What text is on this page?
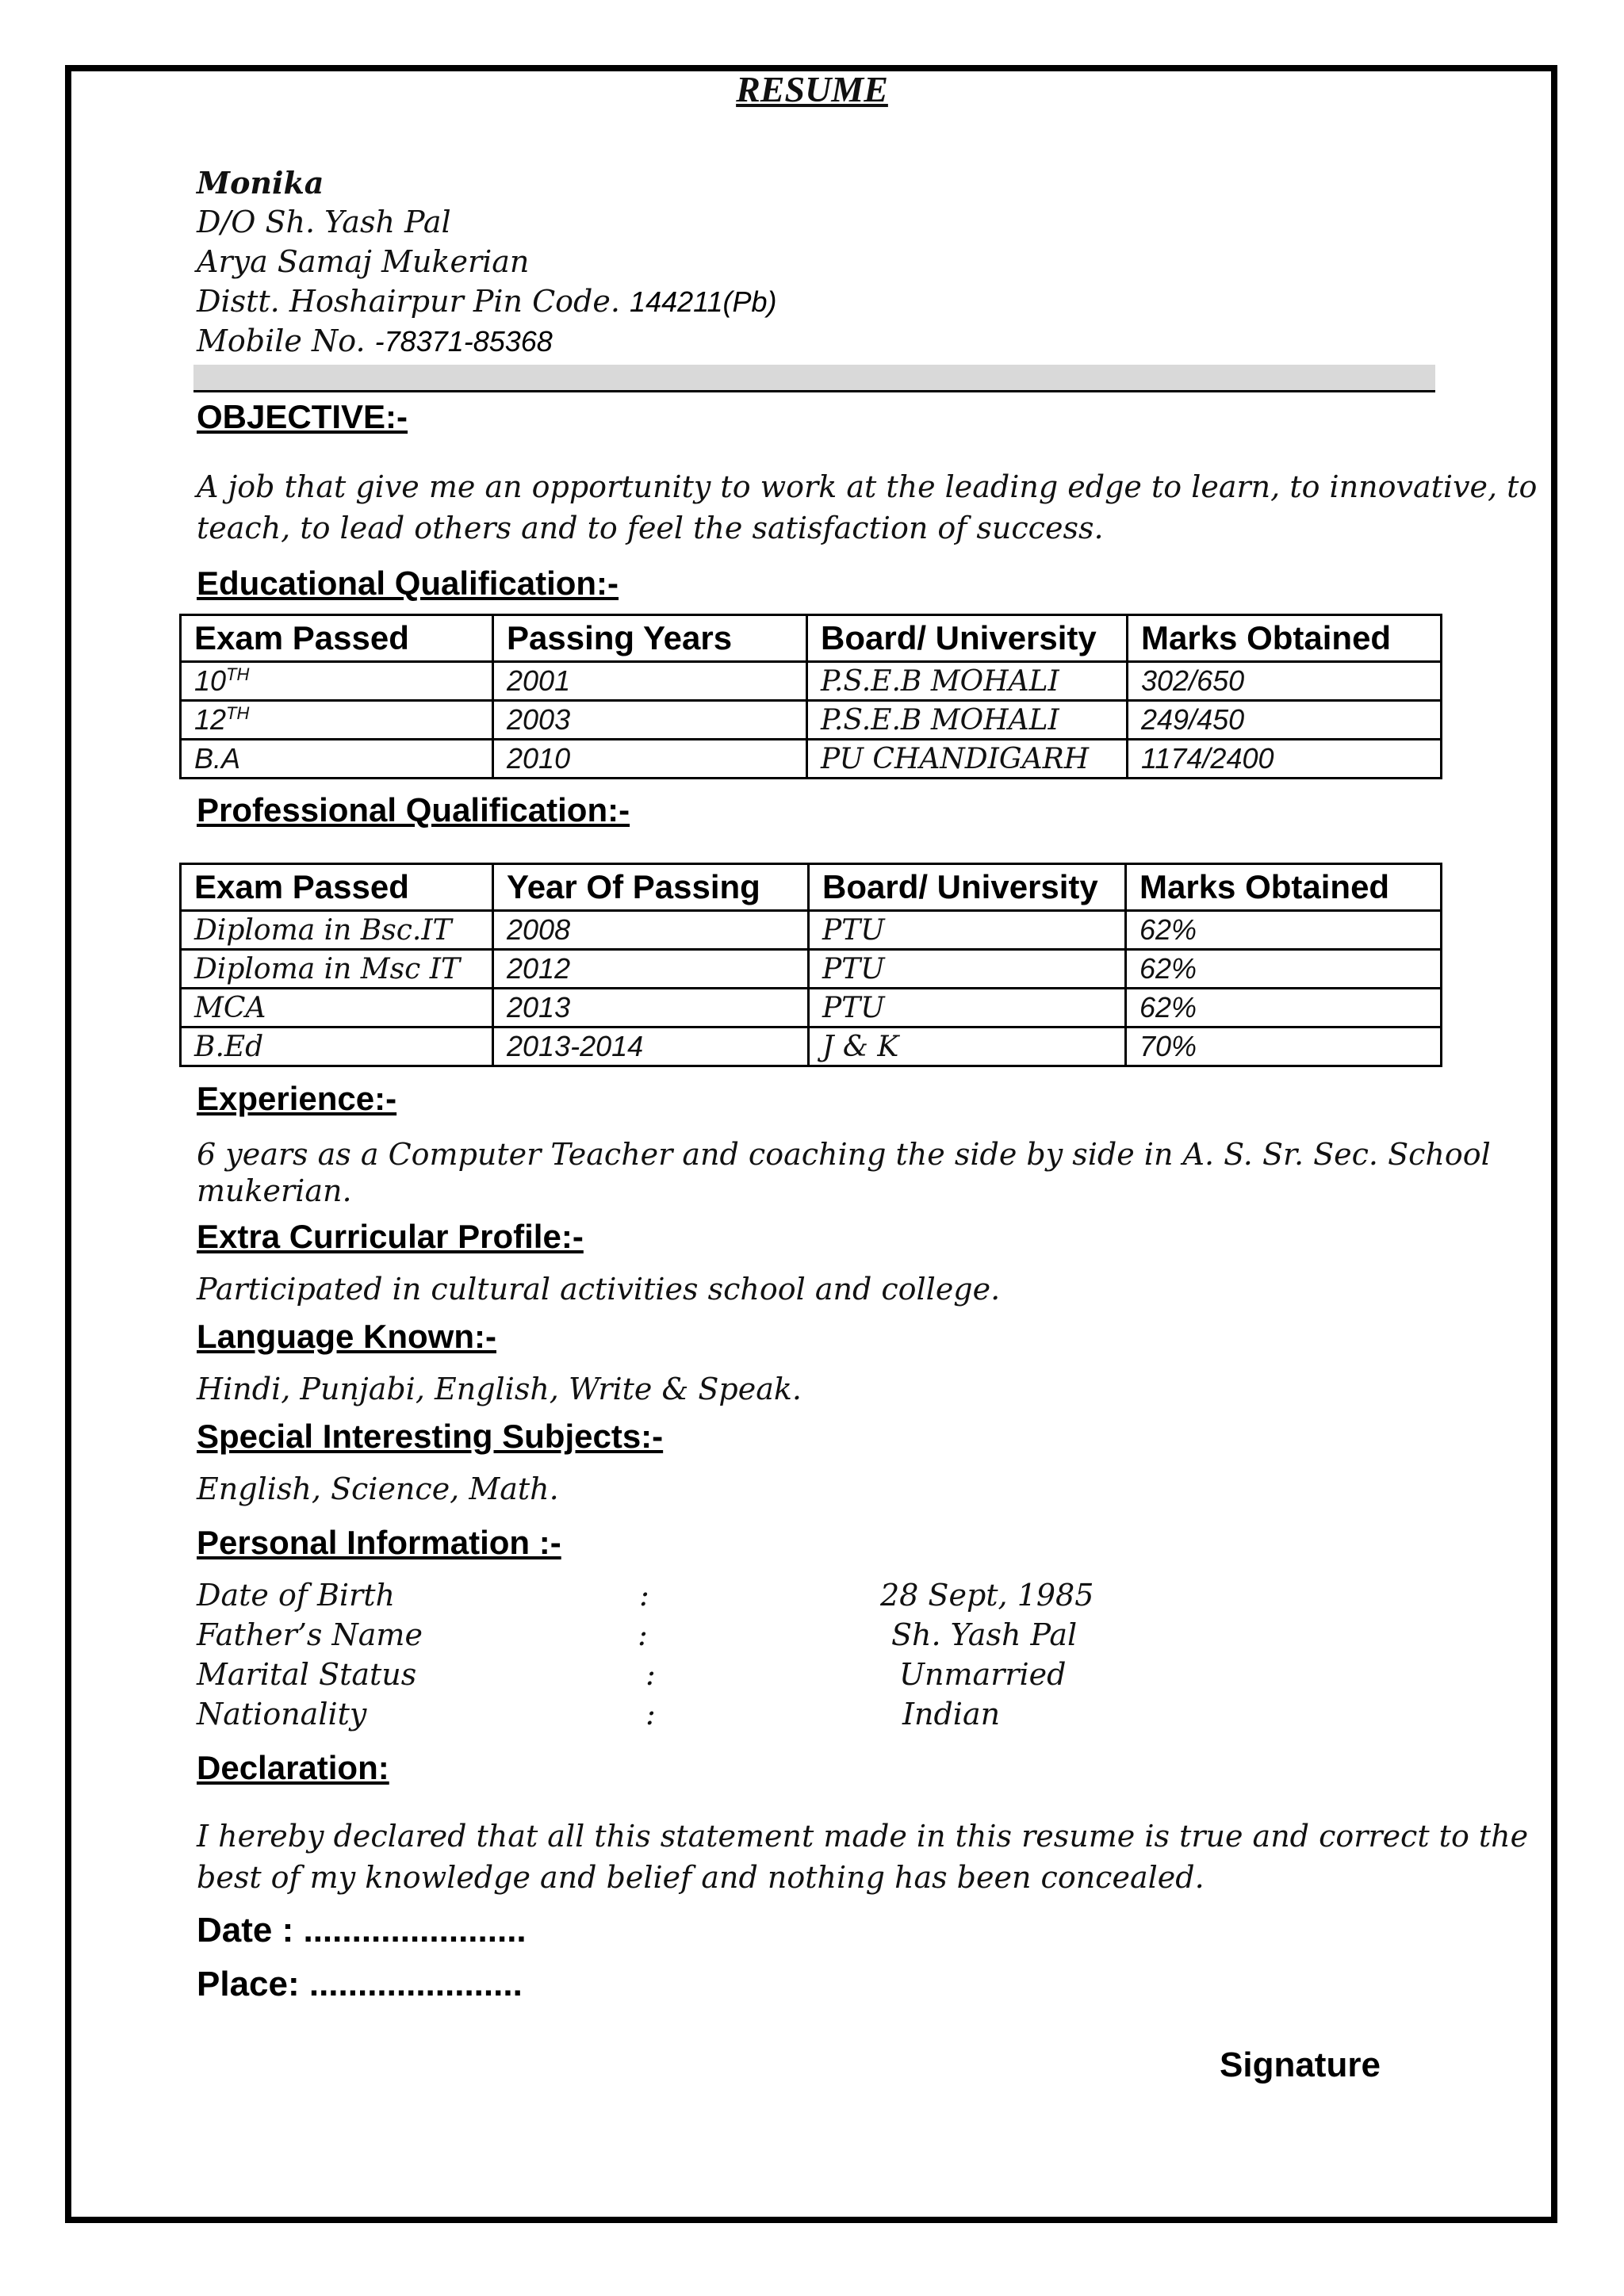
RESUME
Monika
D/O Sh. Yash Pal
Arya Samaj Mukerian
Distt. Hoshairpur Pin Code. 144211(Pb)
Mobile No. -78371-85368
OBJECTIVE:-
A job that give me an opportunity to work at the leading edge to learn, to innovative, to
teach, to lead others and to feel the satisfaction of success.
Educational Qualification:-
Exam Passed	Passing Years	Board/ University	Marks Obtained
10TH	2001	P.S.E.B MOHALI	302/650
12TH	2003	P.S.E.B MOHALI	249/450
B.A	2010	PU CHANDIGARH	1174/2400
Professional Qualification:-
Exam Passed	Year Of Passing	Board/ University	Marks Obtained
Diploma in Bsc.IT	2008	PTU	62%
Diploma in Msc IT	2012	PTU	62%
MCA	2013	PTU	62%
B.Ed	2013-2014	J & K	70%
Experience:-
6 years as a Computer Teacher and coaching the side by side in A. S. Sr. Sec. School
mukerian.
Extra Curricular Profile:-
Participated in cultural activities school and college.
Language Known:-
Hindi, Punjabi, English, Write & Speak.
Special Interesting Subjects:-
English, Science, Math.
Personal Information :-
Date of Birth	:	28 Sept, 1985
Father’s Name	:	Sh. Yash Pal
Marital Status	:	Unmarried
Nationality	:	Indian
Declaration:
I hereby declared that all this statement made in this resume is true and correct to the
best of my knowledge and belief and nothing has been concealed.
Date : .......................
Place: ......................
Signature
